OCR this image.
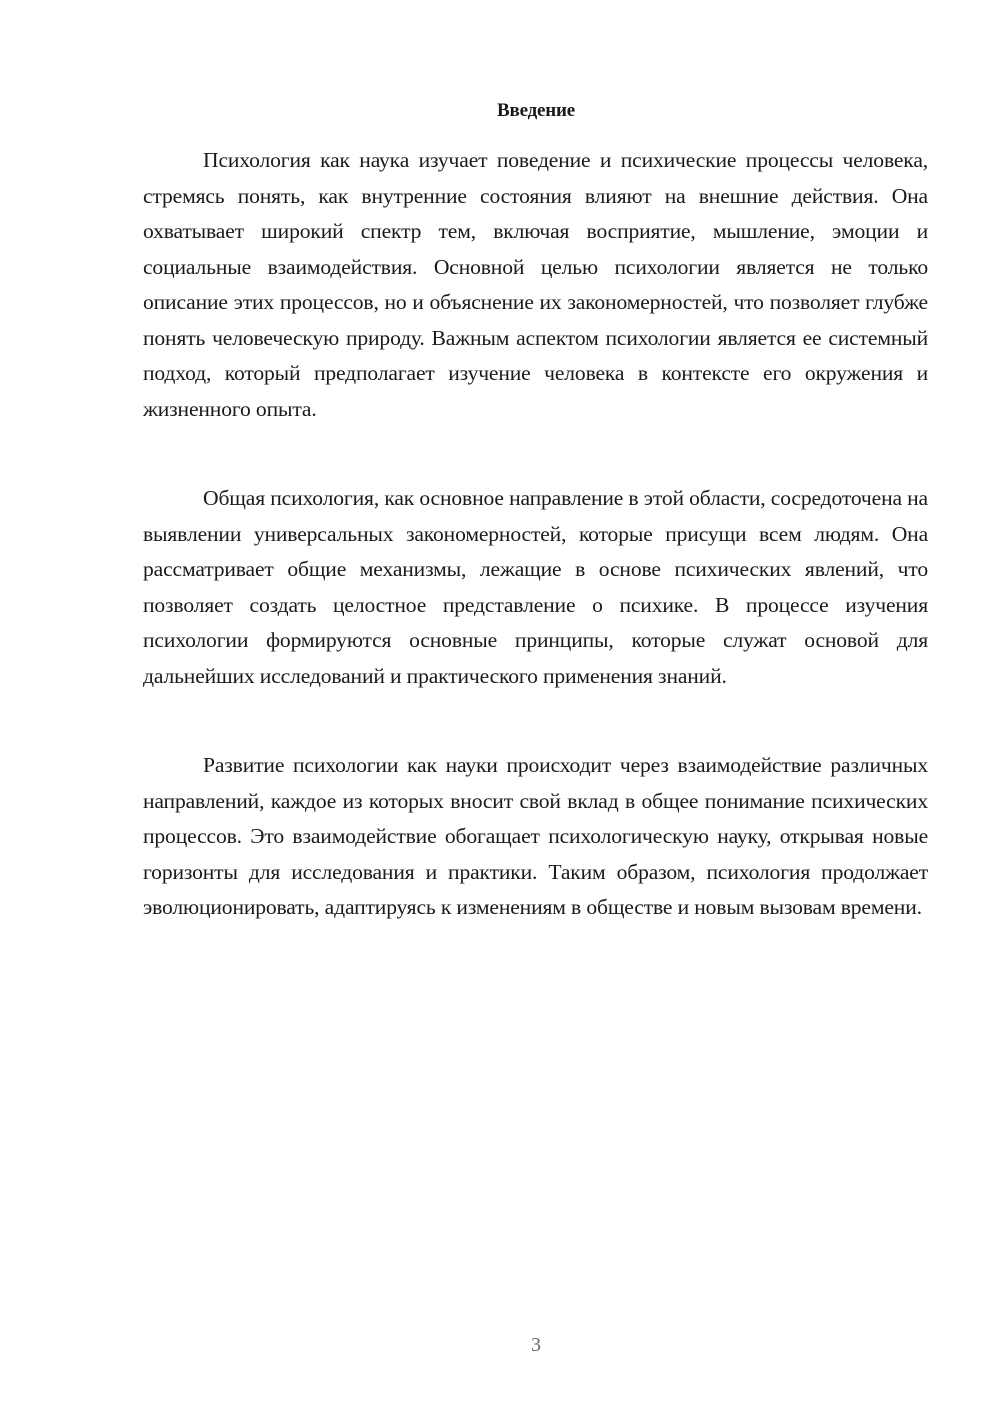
Введение

Психология как наука изучает поведение и психические процессы человека, стремясь понять, как внутренние состояния влияют на внешние действия. Она охватывает широкий спектр тем, включая восприятие, мышление, эмоции и социальные взаимодействия. Основной целью психологии является не только описание этих процессов, но и объяснение их закономерностей, что позволяет глубже понять человеческую природу. Важным аспектом психологии является ее системный подход, который предполагает изучение человека в контексте его окружения и жизненного опыта.

Общая психология, как основное направление в этой области, сосредоточена на выявлении универсальных закономерностей, которые присущи всем людям. Она рассматривает общие механизмы, лежащие в основе психических явлений, что позволяет создать целостное представление о психике. В процессе изучения психологии формируются основные принципы, которые служат основой для дальнейших исследований и практического применения знаний.

Развитие психологии как науки происходит через взаимодействие различных направлений, каждое из которых вносит свой вклад в общее понимание психических процессов. Это взаимодействие обогащает психологическую науку, открывая новые горизонты для исследования и практики. Таким образом, психология продолжает эволюционировать, адаптируясь к изменениям в обществе и новым вызовам времени.

3
